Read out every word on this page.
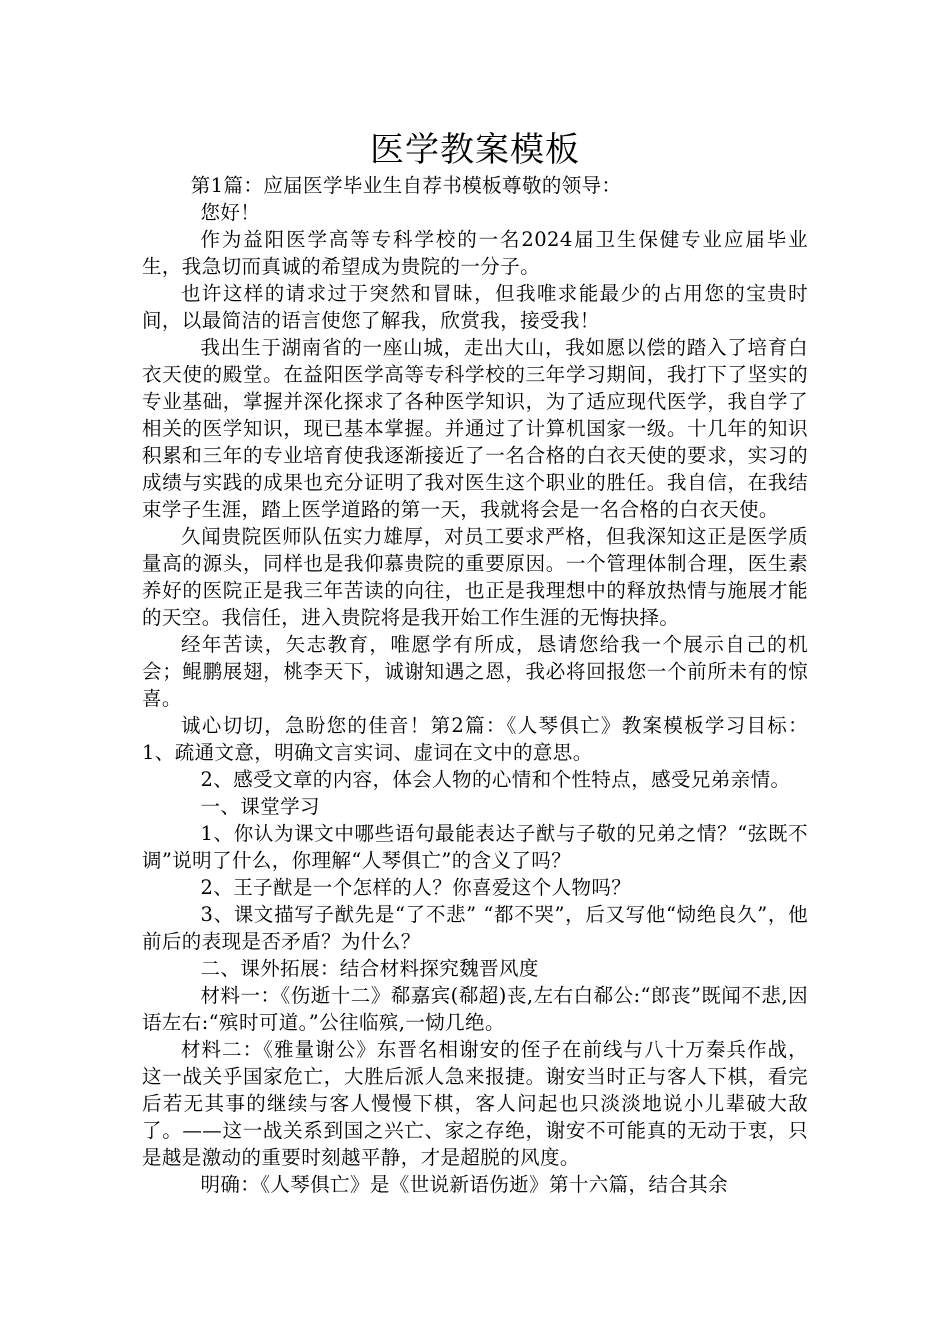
医学教案模板

第1篇：应届医学毕业生自荐书模板尊敬的领导：

您好！

作为益阳医学高等专科学校的一名2024届卫生保健专业应届毕业生，我急切而真诚的希望成为贵院的一分子。

也许这样的请求过于突然和冒昧，但我唯求能最少的占用您的宝贵时间，以最简洁的语言使您了解我，欣赏我，接受我！

我出生于湖南省的一座山城，走出大山，我如愿以偿的踏入了培育白衣天使的殿堂。在益阳医学高等专科学校的三年学习期间，我打下了坚实的专业基础，掌握并深化探求了各种医学知识，为了适应现代医学，我自学了相关的医学知识，现已基本掌握。并通过了计算机国家一级。十几年的知识积累和三年的专业培育使我逐渐接近了一名合格的白衣天使的要求，实习的成绩与实践的成果也充分证明了我对医生这个职业的胜任。我自信，在我结束学子生涯，踏上医学道路的第一天，我就将会是一名合格的白衣天使。

久闻贵院医师队伍实力雄厚，对员工要求严格，但我深知这正是医学质量高的源头，同样也是我仰慕贵院的重要原因。一个管理体制合理，医生素养好的医院正是我三年苦读的向往，也正是我理想中的释放热情与施展才能的天空。我信任，进入贵院将是我开始工作生涯的无悔抉择。

经年苦读，矢志教育，唯愿学有所成，恳请您给我一个展示自己的机会；鲲鹏展翅，桃李天下，诚谢知遇之恩，我必将回报您一个前所未有的惊喜。

诚心切切，急盼您的佳音！第2篇：《人琴俱亡》教案模板学习目标：1、疏通文意，明确文言实词、虚词在文中的意思。

2、感受文章的内容，体会人物的心情和个性特点，感受兄弟亲情。

一、课堂学习

1、你认为课文中哪些语句最能表达子猷与子敬的兄弟之情？“弦既不调”说明了什么，你理解“人琴俱亡”的含义了吗？

2、王子猷是一个怎样的人？你喜爱这个人物吗？

3、课文描写子猷先是“了不悲” “都不哭”，后又写他“恸绝良久”，他前后的表现是否矛盾？为什么？

二、课外拓展：结合材料探究魏晋风度

材料一：《伤逝十二》郗嘉宾(郗超)丧,左右白郗公:“郎丧”既闻不悲,因语左右:“殡时可道。”公往临殡,一恸几绝。

材料二：《雅量谢公》东晋名相谢安的侄子在前线与八十万秦兵作战， 这一战关乎国家危亡，大胜后派人急来报捷。谢安当时正与客人下棋，看完后若无其事的继续与客人慢慢下棋，客人问起也只淡淡地说小儿辈破大敌了。——这一战关系到国之兴亡、家之存绝，谢安不可能真的无动于衷，只是越是激动的重要时刻越平静，才是超脱的风度。

明确：《人琴俱亡》是《世说新语伤逝》第十六篇，结合其余
